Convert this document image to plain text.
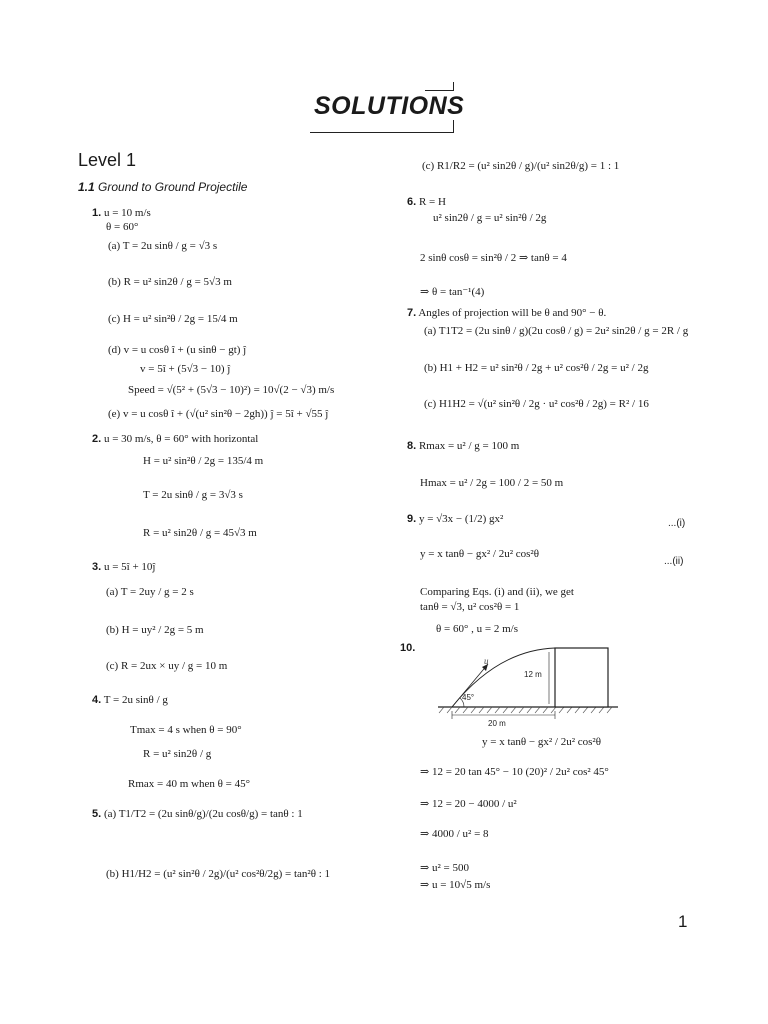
SOLUTIONS
Level 1
1.1 Ground to Ground Projectile
1. u = 10 m/s
θ = 60°
(a) T = 2u sinθ / g = √3 s
(b) R = u² sin2θ / g = 5√3 m
(c) H = u² sin²θ / 2g = 15/4 m
(d) v = u cosθ î + (u sinθ − gt) ĵ
v = 5î + (5√3 − 10) ĵ
Speed = √(5² + (5√3 − 10)²) = 10√(2 − √3) m/s
(e) v = u cosθ î + (√(u² sin²θ − 2gh)) ĵ = 5î + √55 ĵ
2. u = 30 m/s, θ = 60° with horizontal
H = u² sin²θ / 2g = 135/4 m
T = 2u sinθ / g = 3√3 s
R = u² sin2θ / g = 45√3 m
3. u = 5î + 10ĵ
(a) T = 2uy / g = 2 s
(b) H = uy² / 2g = 5 m
(c) R = 2ux × uy / g = 10 m
4. T = 2u sinθ / g
Tmax = 4 s when θ = 90°
R = u² sin2θ / g
Rmax = 40 m when θ = 45°
5. (a) T1/T2 = (2u sinθ/g)/(2u cosθ/g) = tanθ : 1
(b) H1/H2 = (u² sin²θ / 2g)/(u² cos²θ/2g) = tan²θ : 1
(c) R1/R2 = (u² sin2θ / g)/(u² sin2θ/g) = 1 : 1
6. R = H
u² sin2θ / g = u² sin²θ / 2g
2 sinθ cosθ = sin²θ / 2 ⇒ tanθ = 4
⇒ θ = tan⁻¹(4)
7. Angles of projection will be θ and 90° − θ.
(a) T1T2 = (2u sinθ / g)(2u cosθ / g) = 2u² sin2θ / g = 2R / g
(b) H1 + H2 = u² sin²θ / 2g + u² cos²θ / 2g = u² / 2g
(c) H1H2 = √(u² sin²θ / 2g · u² cos²θ / 2g) = R² / 16
8. Rmax = u² / g = 100 m
Hmax = u² / 2g = 100 / 2 = 50 m
9. y = √3x − (1/2) gx²
y = x tanθ − gx² / 2u² cos²θ
Comparing Eqs. (i) and (ii), we get
tanθ = √3, u² cos²θ = 1
θ = 60° , u = 2 m/s
10.
y = x tanθ − gx² / 2u² cos²θ
⇒ 12 = 20 tan 45° − 10 (20)² / 2u² cos² 45°
⇒ 12 = 20 − 4000 / u²
⇒ 4000 / u² = 8
⇒ u² = 500
⇒ u = 10√5 m/s
...(i)
...(ii)
u
45°
12 m
20 m
1
